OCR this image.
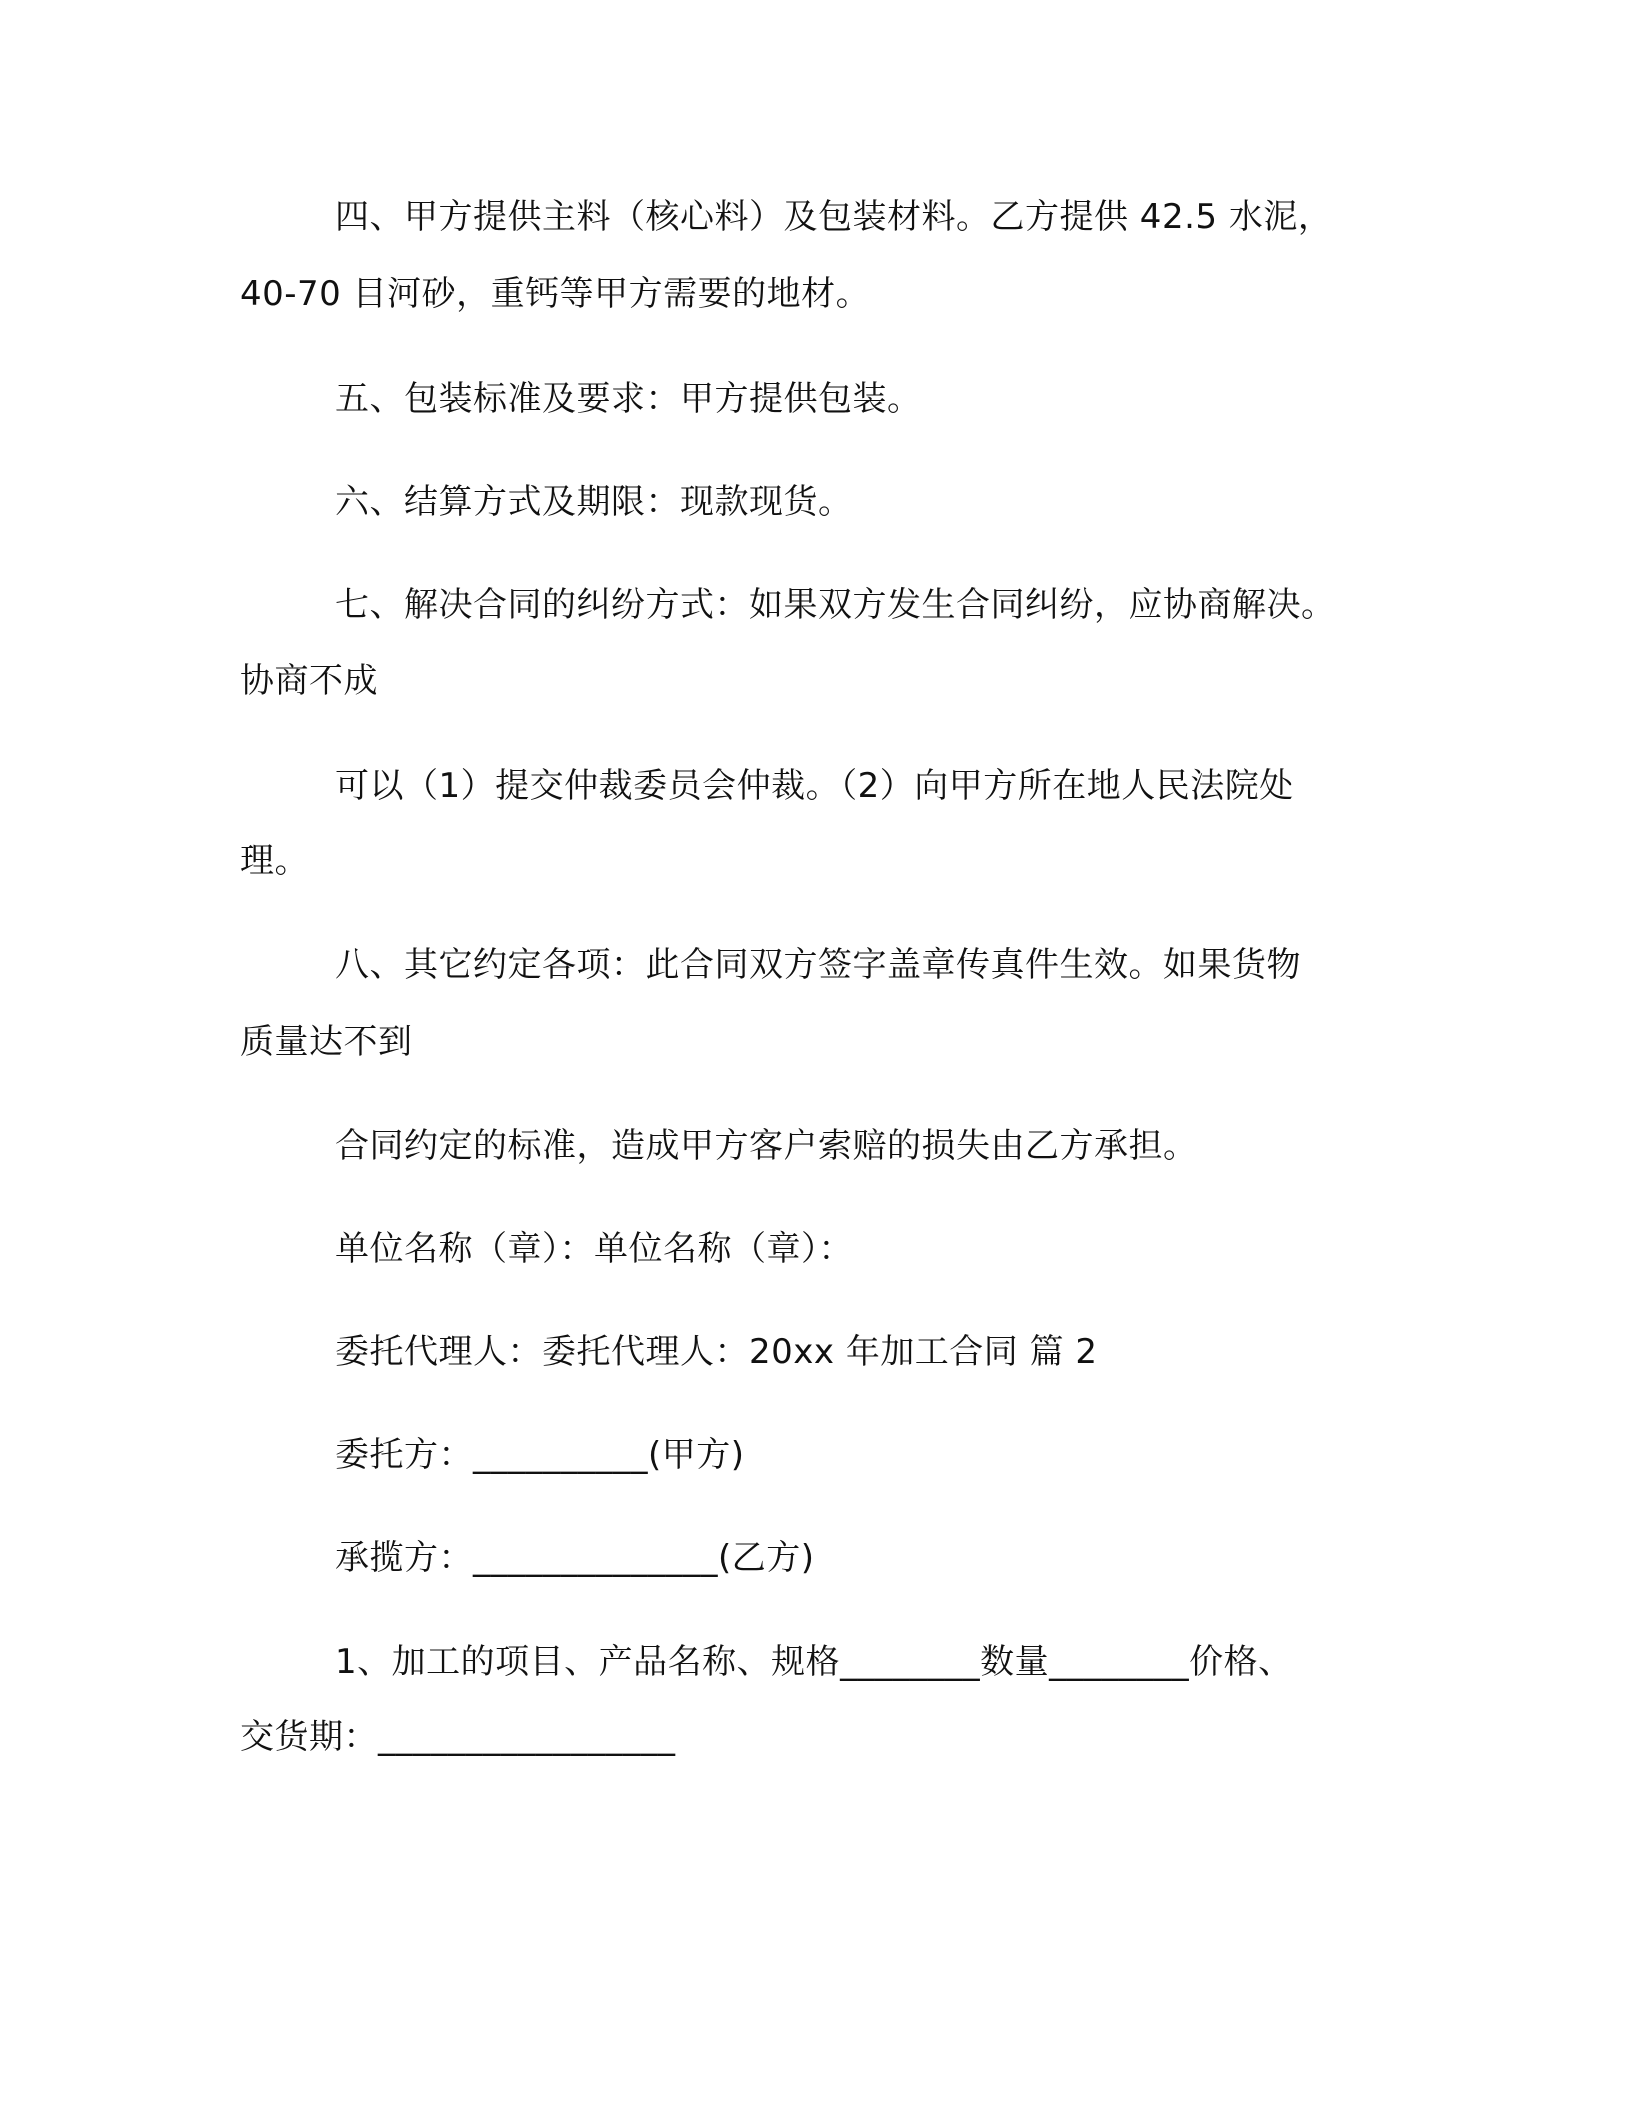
四、甲方提供主料（核心料）及包装材料。乙方提供 42.5 水泥，
40-70 目河砂，重钙等甲方需要的地材。
五、包装标准及要求：甲方提供包装。
六、结算方式及期限：现款现货。
七、解决合同的纠纷方式：如果双方发生合同纠纷，应协商解决。
协商不成
可以（1）提交仲裁委员会仲裁。（2）向甲方所在地人民法院处
理。
八、其它约定各项：此合同双方签字盖章传真件生效。如果货物
质量达不到
合同约定的标准，造成甲方客户索赔的损失由乙方承担。
单位名称（章）：单位名称（章）：
委托代理人：委托代理人：20xx 年加工合同 篇 2
委托方：__________(甲方)
承揽方：______________(乙方)
1、加工的项目、产品名称、规格________数量________价格、
交货期：_________________
